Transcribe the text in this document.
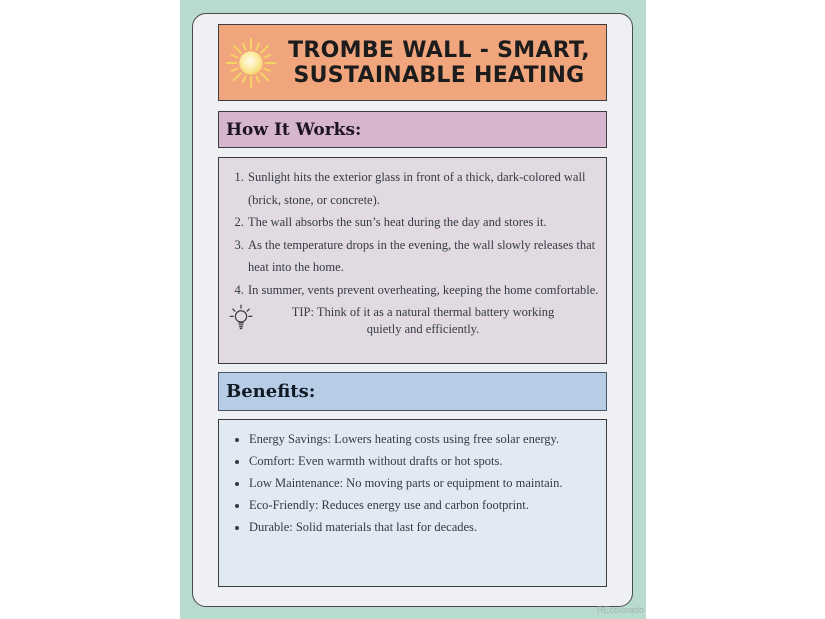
TROMBE WALL - SMART,
SUSTAINABLE HEATING
How It Works:
1. Sunlight hits the exterior glass in front of a thick, dark-colored wall (brick, stone, or concrete).
2. The wall absorbs the sun’s heat during the day and stores it.
3. As the temperature drops in the evening, the wall slowly releases that heat into the home.
4. In summer, vents prevent overheating, keeping the home comfortable.
TIP: Think of it as a natural thermal battery working
quietly and efficiently.
Benefits:
• Energy Savings: Lowers heating costs using free solar energy.
• Comfort: Even warmth without drafts or hot spots.
• Low Maintenance: No moving parts or equipment to maintain.
• Eco-Friendly: Reduces energy use and carbon footprint.
• Durable: Solid materials that last for decades.
REcolorado
